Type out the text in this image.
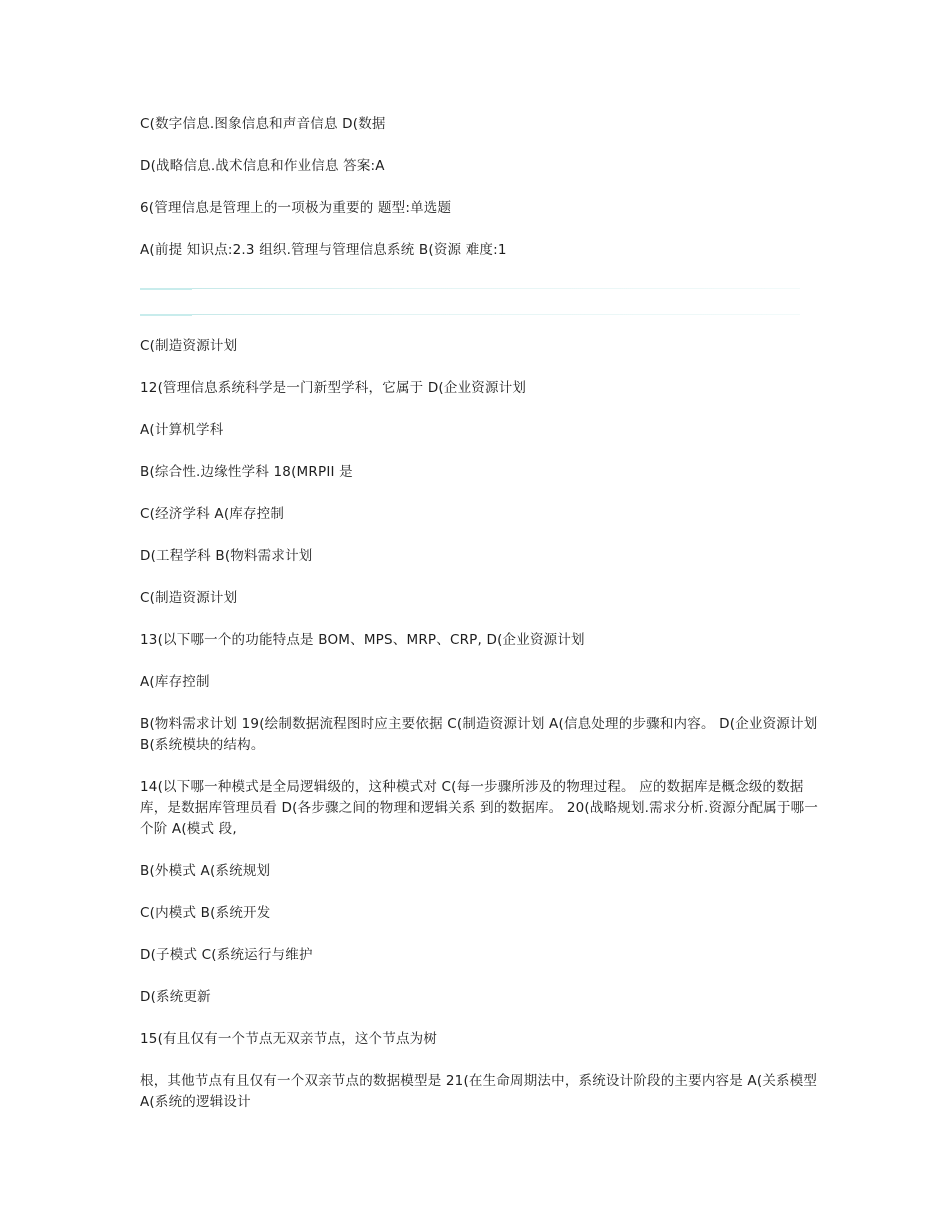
C(数字信息.图象信息和声音信息 D(数据

D(战略信息.战术信息和作业信息 答案:A

6(管理信息是管理上的一项极为重要的 题型:单选题

A(前提 知识点:2.3 组织.管理与管理信息系统 B(资源 难度:1

C(制造资源计划

12(管理信息系统科学是一门新型学科，它属于 D(企业资源计划

A(计算机学科

B(综合性.边缘性学科 18(MRPII 是

C(经济学科 A(库存控制

D(工程学科 B(物料需求计划

C(制造资源计划

13(以下哪一个的功能特点是 BOM、MPS、MRP、CRP, D(企业资源计划

A(库存控制

B(物料需求计划 19(绘制数据流程图时应主要依据 C(制造资源计划 A(信息处理的步骤和内容。 D(企业资源计划 B(系统模块的结构。

14(以下哪一种模式是全局逻辑级的，这种模式对 C(每一步骤所涉及的物理过程。 应的数据库是概念级的数据库，是数据库管理员看 D(各步骤之间的物理和逻辑关系 到的数据库。 20(战略规划.需求分析.资源分配属于哪一个阶 A(模式 段,

B(外模式 A(系统规划

C(内模式 B(系统开发

D(子模式 C(系统运行与维护

D(系统更新

15(有且仅有一个节点无双亲节点，这个节点为树

根，其他节点有且仅有一个双亲节点的数据模型是 21(在生命周期法中，系统设计阶段的主要内容是 A(关系模型 A(系统的逻辑设计
